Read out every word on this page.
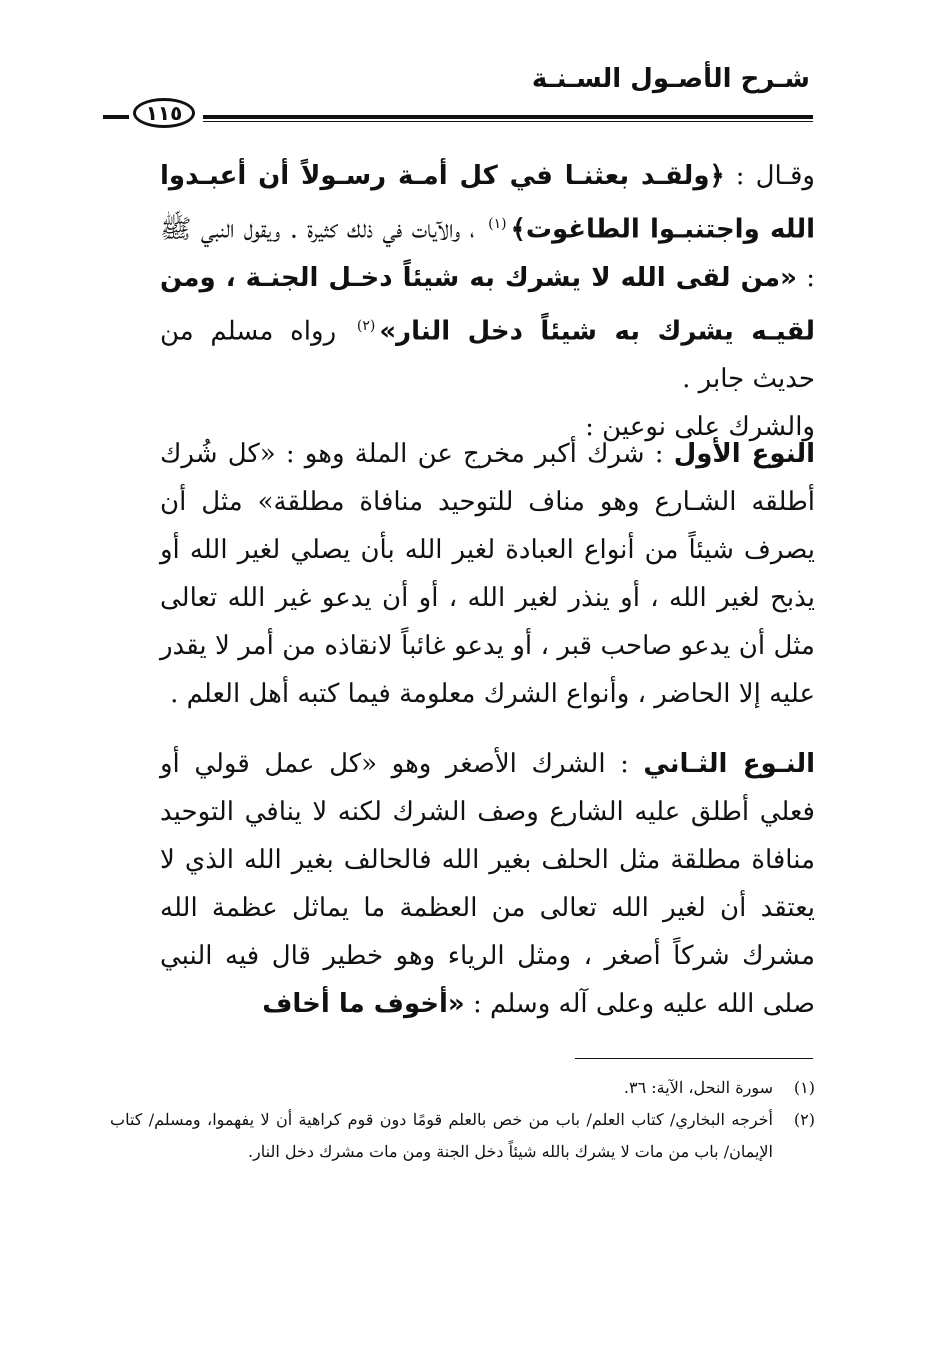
شـرح الأصـول السـنـة
١١٥

وقـال : ﴿ولقـد بعثنـا في كل أمـة رسـولاً أن أعبـدوا الله واجتنبـوا الطاغوت﴾$^{(١)}$ ، والآيات في ذلك كثيرة . ويقول النبي ﷺ : «من لقى الله لا يشرك به شيئاً دخـل الجنـة ، ومن لقيـه يشرك به شيئاً دخل النار»$^{(٢)}$ رواه مسلم من حديث جابر .

والشرك على نوعين :

النوع الأول : شرك أكبر مخرج عن الملة وهو : «كل شُرك أطلقه الشـارع وهو مناف للتوحيد منافاة مطلقة» مثل أن يصرف شيئاً من أنواع العبادة لغير الله بأن يصلي لغير الله أو يذبح لغير الله ، أو ينذر لغير الله ، أو أن يدعو غير الله تعالى مثل أن يدعو صاحب قبر ، أو يدعو غائباً لانقاذه من أمر لا يقدر عليه إلا الحاضر ، وأنواع الشرك معلومة فيما كتبه أهل العلم .

النـوع الثـاني : الشرك الأصغر وهو «كل عمل قولي أو فعلي أطلق عليه الشارع وصف الشرك لكنه لا ينافي التوحيد منافاة مطلقة مثل الحلف بغير الله فالحالف بغير الله الذي لا يعتقد أن لغير الله تعالى من العظمة ما يماثل عظمة الله مشرك شركاً أصغر ، ومثل الرياء وهو خطير قال فيه النبي صلى الله عليه وعلى آله وسلم : «أخوف ما أخاف

(١)
سورة النحل، الآية: ٣٦.
(٢)
أخرجه البخاري/ كتاب العلم/ باب من خص بالعلم قومًا دون قوم كراهية أن لا يفهموا، ومسلم/ كتاب الإيمان/ باب من مات لا يشرك بالله شيئاً دخل الجنة ومن مات مشرك دخل النار.
